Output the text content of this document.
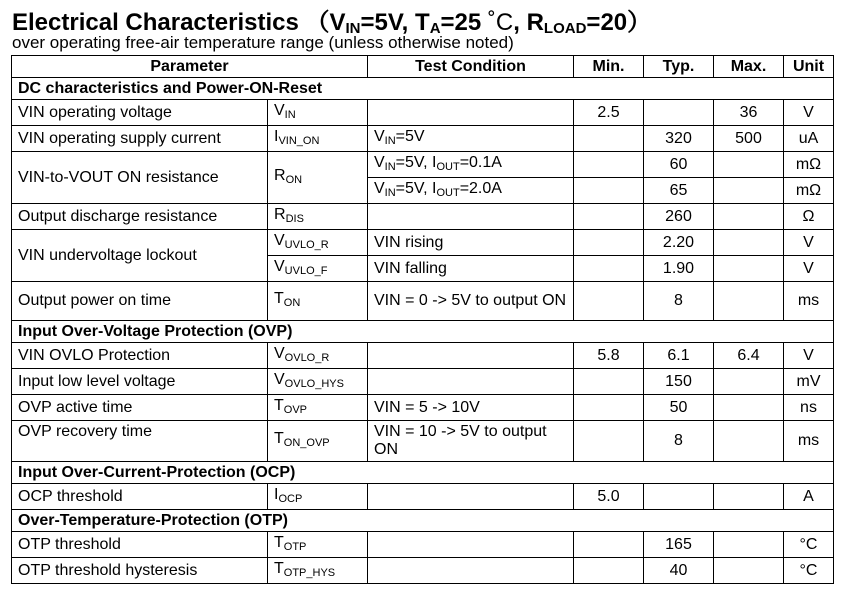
Electrical Characteristics （$V_{IN}=5V$, $T_A=25$ ˚C, $R_{LOAD}=20$）
over operating free-air temperature range (unless otherwise noted)
Parameter		Test Condition	Min.	Typ.	Max.	Unit
DC characteristics and Power-ON-Reset						
VIN operating voltage	$V_{IN}$		2.5		36	V
VIN operating supply current	$I_{VIN\_ON}$	$V_{IN}=5V$		320	500	uA
VIN-to-VOUT ON resistance	$R_{ON}$	$V_{IN}=5V$, $I_{OUT}=0.1A$		60		mΩ
		$V_{IN}=5V$, $I_{OUT}=2.0A$		65		mΩ
Output discharge resistance	$R_{DIS}$			260		Ω
VIN undervoltage lockout	$V_{UVLO\_R}$	VIN rising		2.20		V
	$V_{UVLO\_F}$	VIN falling		1.90		V
Output power on time	$T_{ON}$	VIN = 0 -> 5V to output ON		8		ms
Input Over-Voltage Protection (OVP)						
VIN OVLO Protection	$V_{OVLO\_R}$		5.8	6.1	6.4	V
Input low level voltage	$V_{OVLO\_HYS}$			150		mV
OVP active time	$T_{OVP}$	VIN = 5 -> 10V		50		ns
OVP recovery time	$T_{ON\_OVP}$	VIN = 10 -> 5V to output ON		8		ms
Input Over-Current-Protection (OCP)						
OCP threshold	$I_{OCP}$		5.0			A
Over-Temperature-Protection (OTP)						
OTP threshold	$T_{OTP}$			165		°C
OTP threshold hysteresis	$T_{OTP\_HYS}$			40		°C
